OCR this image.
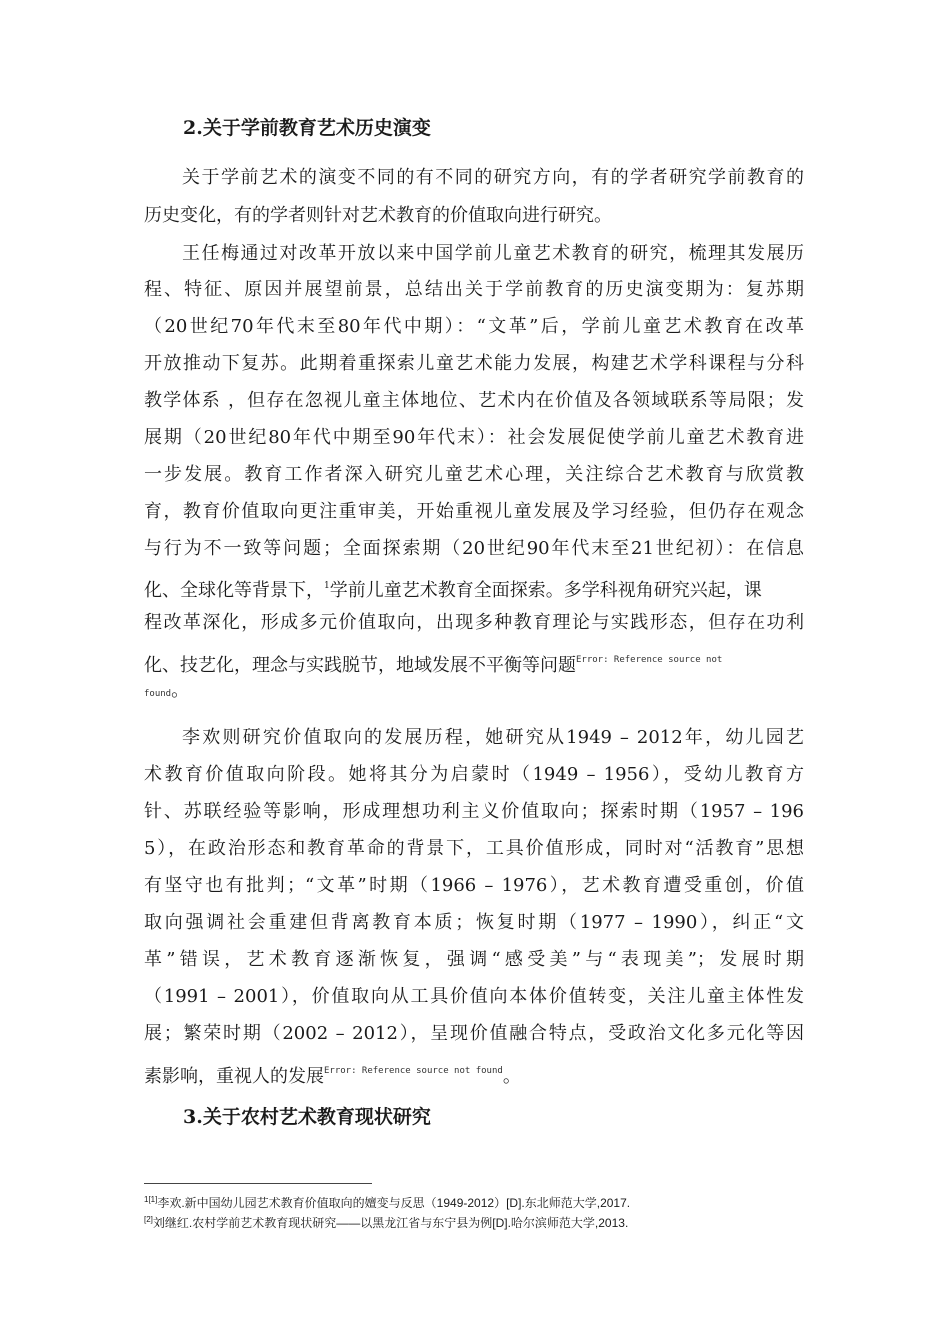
2.关于学前教育艺术历史演变

关于学前艺术的演变不同的有不同的研究方向，有的学者研究学前教育的

历史变化，有的学者则针对艺术教育的价值取向进行研究。

王任梅通过对改革开放以来中国学前儿童艺术教育的研究，梳理其发展历

程、特征、原因并展望前景，总结出关于学前教育的历史演变期为：复苏期

（20世纪70年代末至80年代中期）：“文革”后，学前儿童艺术教育在改革

开放推动下复苏。此期着重探索儿童艺术能力发展，构建艺术学科课程与分科

教学体系 ，但存在忽视儿童主体地位、艺术内在价值及各领域联系等局限；发

展期（20世纪80年代中期至90年代末）：社会发展促使学前儿童艺术教育进

一步发展。教育工作者深入研究儿童艺术心理，关注综合艺术教育与欣赏教

育，教育价值取向更注重审美，开始重视儿童发展及学习经验，但仍存在观念

与行为不一致等问题；全面探索期（20世纪90年代末至21世纪初）：在信息

化、全球化等背景下，$^1$学前儿童艺术教育全面探索。多学科视角研究兴起，课

程改革深化，形成多元价值取向，出现多种教育理论与实践形态，但存在功利

化、技艺化，理念与实践脱节，地域发展不平衡等问题$^{Error: Reference source not}$

found。

李欢则研究价值取向的发展历程，她研究从1949 – 2012年，幼儿园艺

术教育价值取向阶段。她将其分为启蒙时（1949 – 1956），受幼儿教育方

针、苏联经验等影响，形成理想功利主义价值取向；探索时期（1957 – 196

5），在政治形态和教育革命的背景下，工具价值形成，同时对“活教育”思想

有坚守也有批判；“文革”时期（1966 – 1976），艺术教育遭受重创，价值

取向强调社会重建但背离教育本质；恢复时期（1977 – 1990），纠正“文

革”错误，艺术教育逐渐恢复，强调“感受美”与“表现美”；发展时期

（1991 – 2001），价值取向从工具价值向本体价值转变，关注儿童主体性发

展；繁荣时期（2002 – 2012），呈现价值融合特点，受政治文化多元化等因

素影响，重视人的发展$^{Error: Reference source not found}$。

3.关于农村艺术教育现状研究
$^{1[1]}$李欢.新中国幼儿园艺术教育价值取向的嬗变与反思（1949-2012）[D].东北师范大学,2017.
[2]刘继红.农村学前艺术教育现状研究——以黑龙江省与东宁县为例[D].哈尔滨师范大学,2013.
